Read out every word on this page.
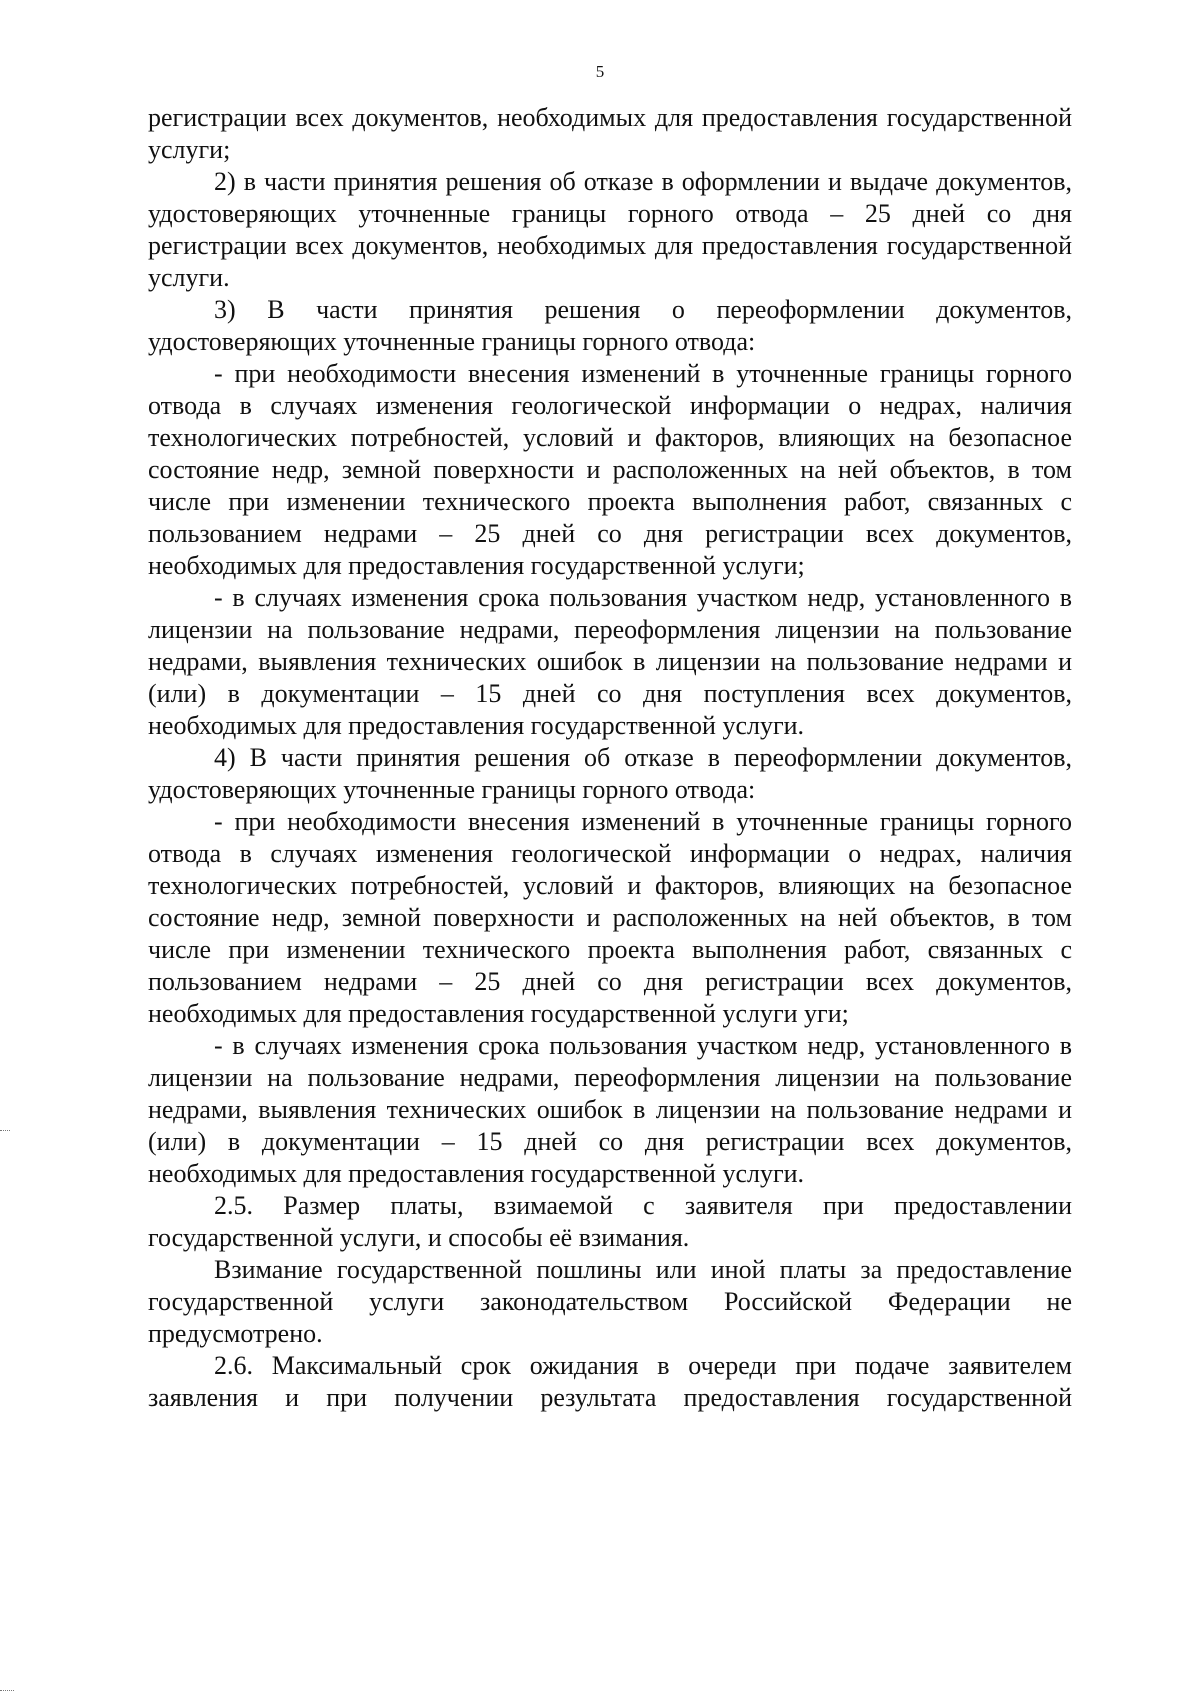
5

регистрации всех документов, необходимых для предоставления государственной услуги;

2) в части принятия решения об отказе в оформлении и выдаче документов, удостоверяющих уточненные границы горного отвода – 25 дней со дня регистрации всех документов, необходимых для предоставления государственной услуги.

3) В части принятия решения о переоформлении документов, удостоверяющих уточненные границы горного отвода:

- при необходимости внесения изменений в уточненные границы горного отвода в случаях изменения геологической информации о недрах, наличия технологических потребностей, условий и факторов, влияющих на безопасное состояние недр, земной поверхности и расположенных на ней объектов, в том числе при изменении технического проекта выполнения работ, связанных с пользованием недрами – 25 дней со дня регистрации всех документов, необходимых для предоставления государственной услуги;

- в случаях изменения срока пользования участком недр, установленного в лицензии на пользование недрами, переоформления лицензии на пользование недрами, выявления технических ошибок в лицензии на пользование недрами и (или) в документации – 15 дней со дня поступления всех документов, необходимых для предоставления государственной услуги.

4) В части принятия решения об отказе в переоформлении документов, удостоверяющих уточненные границы горного отвода:

- при необходимости внесения изменений в уточненные границы горного отвода в случаях изменения геологической информации о недрах, наличия технологических потребностей, условий и факторов, влияющих на безопасное состояние недр, земной поверхности и расположенных на ней объектов, в том числе при изменении технического проекта выполнения работ, связанных с пользованием недрами – 25 дней со дня регистрации всех документов, необходимых для предоставления государственной услуги уги;

- в случаях изменения срока пользования участком недр, установленного в лицензии на пользование недрами, переоформления лицензии на пользование недрами, выявления технических ошибок в лицензии на пользование недрами и (или) в документации – 15 дней со дня регистрации всех документов, необходимых для предоставления государственной услуги.

2.5. Размер платы, взимаемой с заявителя при предоставлении государственной услуги, и способы её взимания.

Взимание государственной пошлины или иной платы за предоставление государственной услуги законодательством Российской Федерации не предусмотрено.

2.6. Максимальный срок ожидания в очереди при подаче заявителем заявления и при получении результата предоставления государственной
